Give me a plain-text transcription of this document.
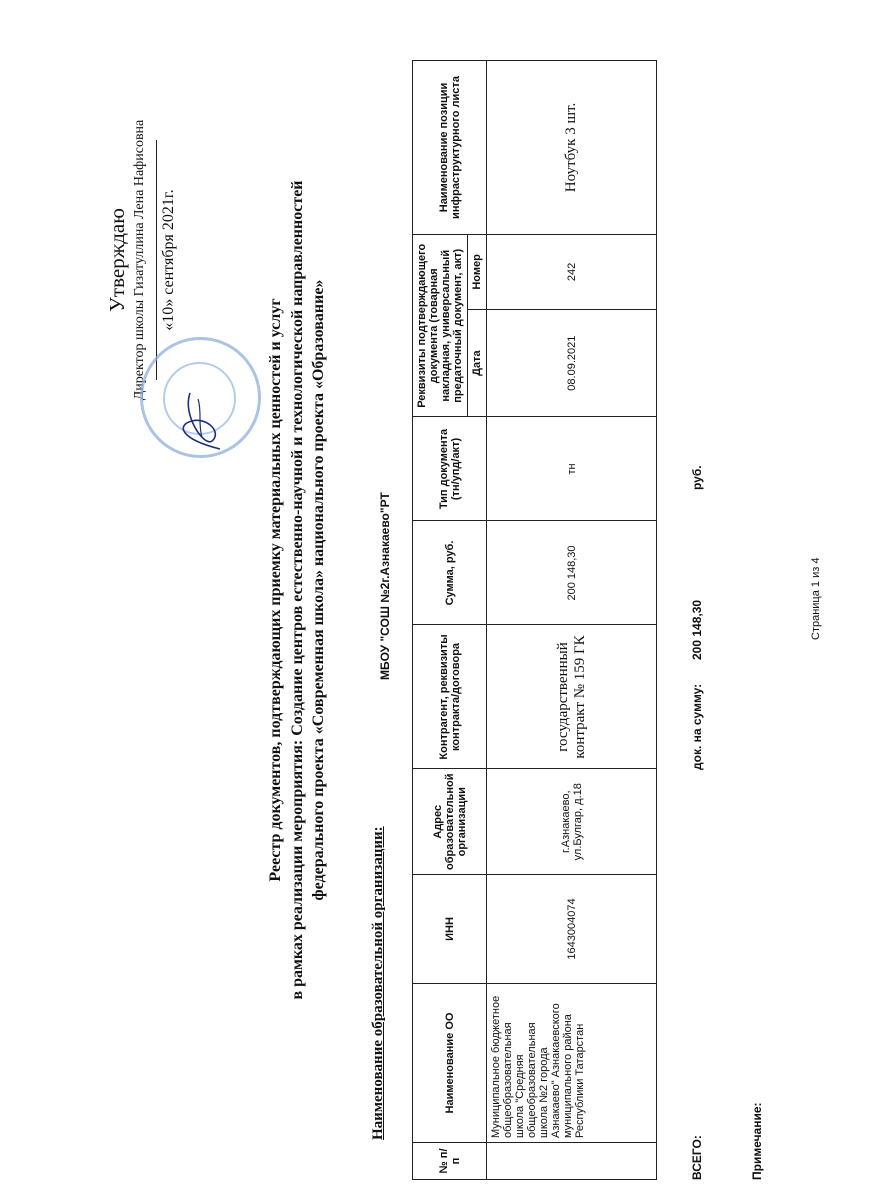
Утверждаю Директор школы Гизатуллина Лена Нафисовна «10» сентября 2021г.
Реестр документов, подтверждающих приемку материальных ценностей и услуг в рамках реализации мероприятия: Создание центров естественно-научной и технологической направленностей федерального проекта «Современная школа» национального проекта «Образование»
Наименование образовательной организации:
МБОУ "СОШ №2г.Азнакаево"РТ
№ п/п	Наименование ОО	ИНН	Адрес образовательной организации	Контрагент, реквизиты контракта/договора	Сумма, руб.	Тип документа (тн/упд/акт)	Реквизиты подтверждающего документа (товарная накладная, универсальный предаточный документ, акт)		Наименование позиции инфраструктурного листа
							Дата	Номер	
	Муниципальное бюджетное общеобразовательная школа "Средняя общеобразовательная школа №2 города Азнакаево" Азнакаевского муниципального района Республики Татарстан	1643004074	г.Азнакаево, ул.Булгар, д.18	государственный контракт № 159 ГК	200 148,30	тн	08.09.2021	242	Ноутбук 3 шт.
ВСЕГО:
док. на сумму:
200 148,30
руб.
Примечание:
Страница 1 из 4
